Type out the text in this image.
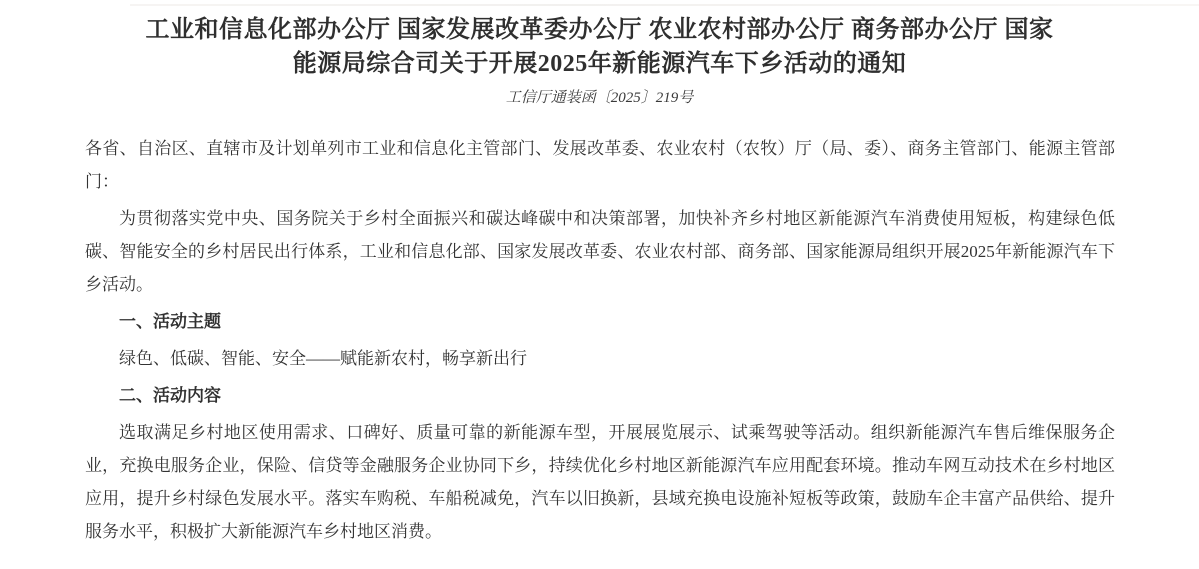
工业和信息化部办公厅 国家发展改革委办公厅 农业农村部办公厅 商务部办公厅 国家
能源局综合司关于开展2025年新能源汽车下乡活动的通知
工信厅通装函〔2025〕219号

各省、自治区、直辖市及计划单列市工业和信息化主管部门、发展改革委、农业农村（农牧）厅（局、委）、商务主管部门、能源主管部门：

为贯彻落实党中央、国务院关于乡村全面振兴和碳达峰碳中和决策部署，加快补齐乡村地区新能源汽车消费使用短板，构建绿色低碳、智能安全的乡村居民出行体系，工业和信息化部、国家发展改革委、农业农村部、商务部、国家能源局组织开展2025年新能源汽车下乡活动。

一、活动主题

绿色、低碳、智能、安全——赋能新农村，畅享新出行

二、活动内容

选取满足乡村地区使用需求、口碑好、质量可靠的新能源车型，开展展览展示、试乘驾驶等活动。组织新能源汽车售后维保服务企业，充换电服务企业，保险、信贷等金融服务企业协同下乡，持续优化乡村地区新能源汽车应用配套环境。推动车网互动技术在乡村地区应用，提升乡村绿色发展水平。落实车购税、车船税减免，汽车以旧换新，县域充换电设施补短板等政策，鼓励车企丰富产品供给、提升服务水平，积极扩大新能源汽车乡村地区消费。
